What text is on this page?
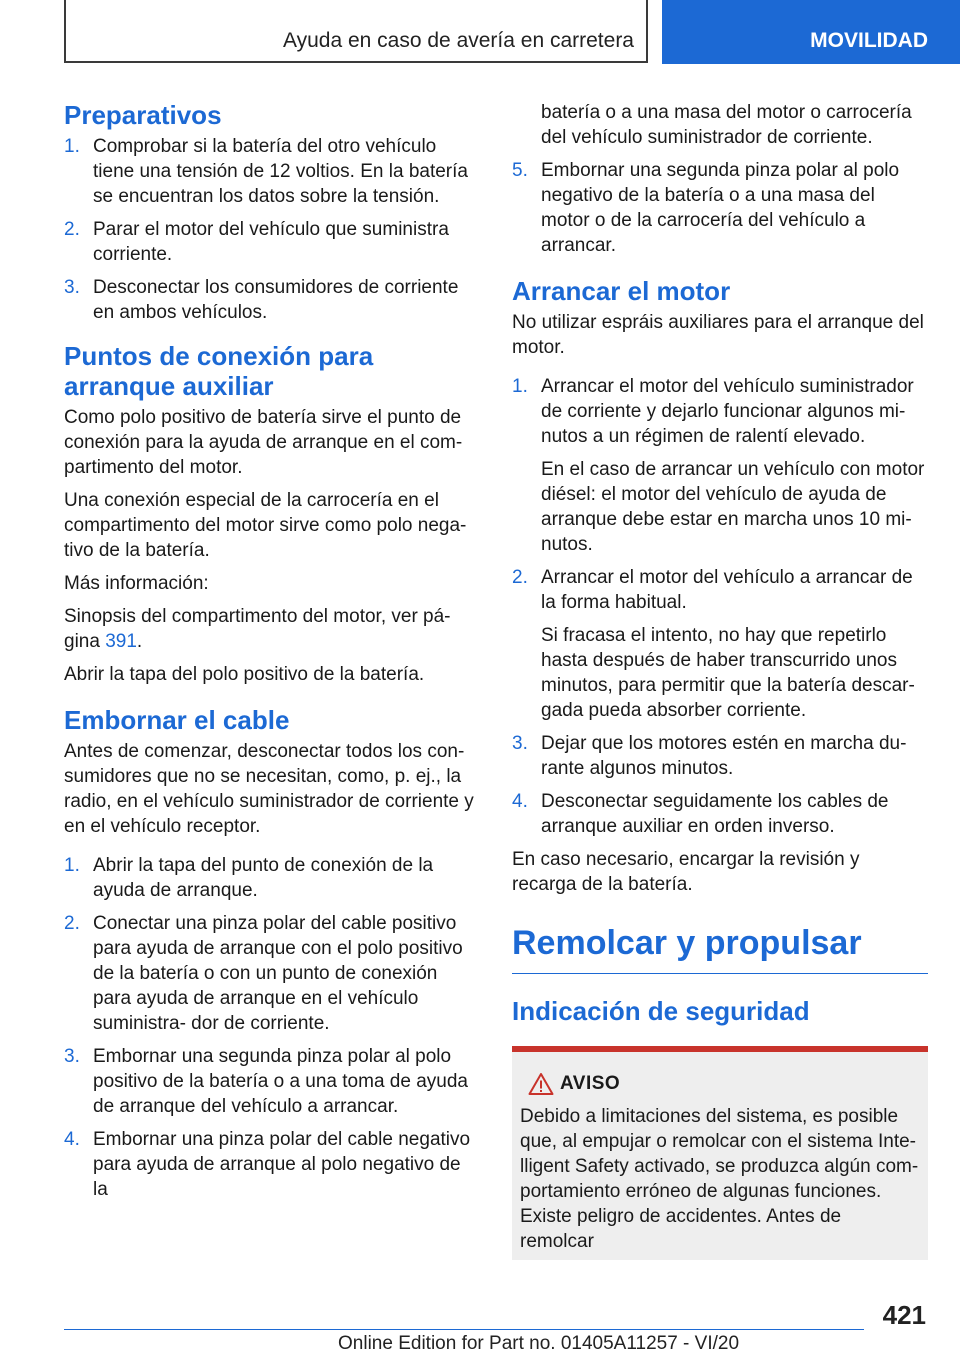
Ayuda en caso de avería en carretera	MOVILIDAD
Preparativos
1. Comprobar si la batería del otro vehículo tiene una tensión de 12 voltios. En la batería se encuentran los datos sobre la tensión.

2. Parar el motor del vehículo que suministra corriente.

3. Desconectar los consumidores de corriente en ambos vehículos.

Puntos de conexión para arranque auxiliar

Como polo positivo de batería sirve el punto de conexión para la ayuda de arranque en el com- partimento del motor.

Una conexión especial de la carrocería en el compartimento del motor sirve como polo nega- tivo de la batería.

Más información:

Sinopsis del compartimento del motor, ver pá- gina 391.

Abrir la tapa del polo positivo de la batería.

Embornar el cable

Antes de comenzar, desconectar todos los con- sumidores que no se necesitan, como, p. ej., la radio, en el vehículo suministrador de corriente y en el vehículo receptor.

1. Abrir la tapa del punto de conexión de la ayuda de arranque.

2. Conectar una pinza polar del cable positivo para ayuda de arranque con el polo positivo de la batería o con un punto de conexión para ayuda de arranque en el vehículo suministra- dor de corriente.

3. Embornar una segunda pinza polar al polo positivo de la batería o a una toma de ayuda de arranque del vehículo a arrancar.

4. Embornar una pinza polar del cable negativo para ayuda de arranque al polo negativo de la

batería o a una masa del motor o carrocería del vehículo suministrador de corriente.

5. Embornar una segunda pinza polar al polo negativo de la batería o a una masa del motor o de la carrocería del vehículo a arrancar.

Arrancar el motor

No utilizar espráis auxiliares para el arranque del motor.

1. Arrancar el motor del vehículo suministrador de corriente y dejarlo funcionar algunos mi- nutos a un régimen de ralentí elevado.

En el caso de arrancar un vehículo con motor diésel: el motor del vehículo de ayuda de arranque debe estar en marcha unos 10 mi- nutos.

2. Arrancar el motor del vehículo a arrancar de la forma habitual.

Si fracasa el intento, no hay que repetirlo hasta después de haber transcurrido unos minutos, para permitir que la batería descar- gada pueda absorber corriente.

3. Dejar que los motores estén en marcha du- rante algunos minutos.

4. Desconectar seguidamente los cables de arranque auxiliar en orden inverso.

En caso necesario, encargar la revisión y recarga de la batería.

Remolcar y propulsar
Indicación de seguridad
AVISO

Debido a limitaciones del sistema, es posible que, al empujar o remolcar con el sistema Inte- lligent Safety activado, se produzca algún com- portamiento erróneo de algunas funciones. Existe peligro de accidentes. Antes de remolcar

421
Online Edition for Part no. 01405A11257 - VI/20
